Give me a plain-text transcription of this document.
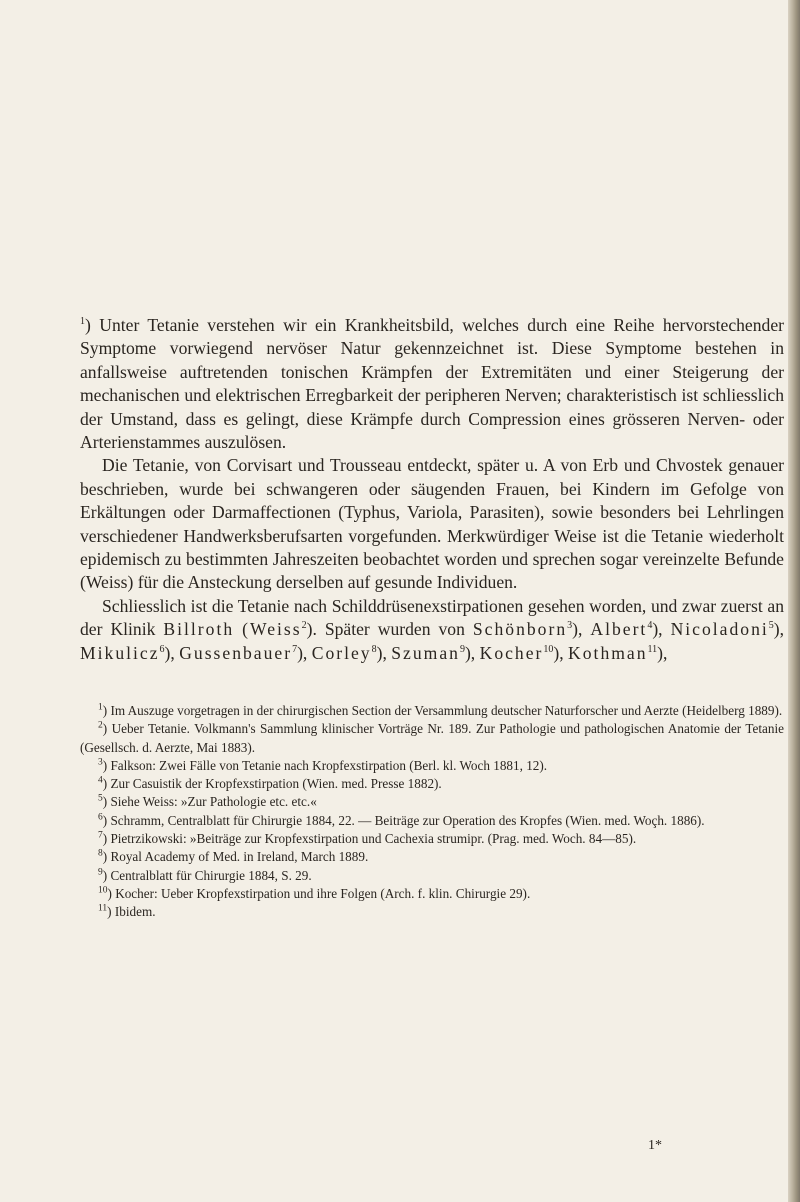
$^1$) Unter Tetanie verstehen wir ein Krankheitsbild, welches durch eine Reihe hervorstechender Symptome vorwiegend nervöser Natur gekennzeichnet ist. Diese Symptome bestehen in anfallsweise auftretenden tonischen Krämpfen der Extremitäten und einer Steigerung der mechanischen und elektrischen Erregbarkeit der peripheren Nerven; charakteristisch ist schliesslich der Umstand, dass es gelingt, diese Krämpfe durch Compression eines grösseren Nerven- oder Arterienstammes auszulösen.

Die Tetanie, von Corvisart und Trousseau entdeckt, später u. A von Erb und Chvostek genauer beschrieben, wurde bei schwangeren oder säugenden Frauen, bei Kindern im Gefolge von Erkältungen oder Darmaffectionen (Typhus, Variola, Parasiten), sowie besonders bei Lehrlingen verschiedener Handwerksberufsarten vorgefunden. Merkwürdiger Weise ist die Tetanie wiederholt epidemisch zu bestimmten Jahreszeiten beobachtet worden und sprechen sogar vereinzelte Befunde (Weiss) für die Ansteckung derselben auf gesunde Individuen.

Schliesslich ist die Tetanie nach Schilddrüsenexstirpationen gesehen worden, und zwar zuerst an der Klinik Billroth (Weiss$^2$). Später wurden von Schönborn$^3$), Albert$^4$), Nicoladoni$^5$), Mikulicz$^6$), Gussenbauer$^7$), Corley$^8$), Szuman$^9$), Kocher$^{10}$), Kothman$^{11}$),

$^1$) Im Auszuge vorgetragen in der chirurgischen Section der Versammlung deutscher Naturforscher und Aerzte (Heidelberg 1889).

$^2$) Ueber Tetanie. Volkmann's Sammlung klinischer Vorträge Nr. 189. Zur Pathologie und pathologischen Anatomie der Tetanie (Gesellsch. d. Aerzte, Mai 1883).

$^3$) Falkson: Zwei Fälle von Tetanie nach Kropfexstirpation (Berl. kl. Woch 1881, 12).

$^4$) Zur Casuistik der Kropfexstirpation (Wien. med. Presse 1882).

$^5$) Siehe Weiss: »Zur Pathologie etc. etc.«

$^6$) Schramm, Centralblatt für Chirurgie 1884, 22. — Beiträge zur Operation des Kropfes (Wien. med. Woçh. 1886).

$^7$) Pietrzikowski: »Beiträge zur Kropfexstirpation und Cachexia strumipr. (Prag. med. Woch. 84—85).

$^8$) Royal Academy of Med. in Ireland, March 1889.

$^9$) Centralblatt für Chirurgie 1884, S. 29.

$^{10}$) Kocher: Ueber Kropfexstirpation und ihre Folgen (Arch. f. klin. Chirurgie 29).

$^{11}$) Ibidem.

1*
